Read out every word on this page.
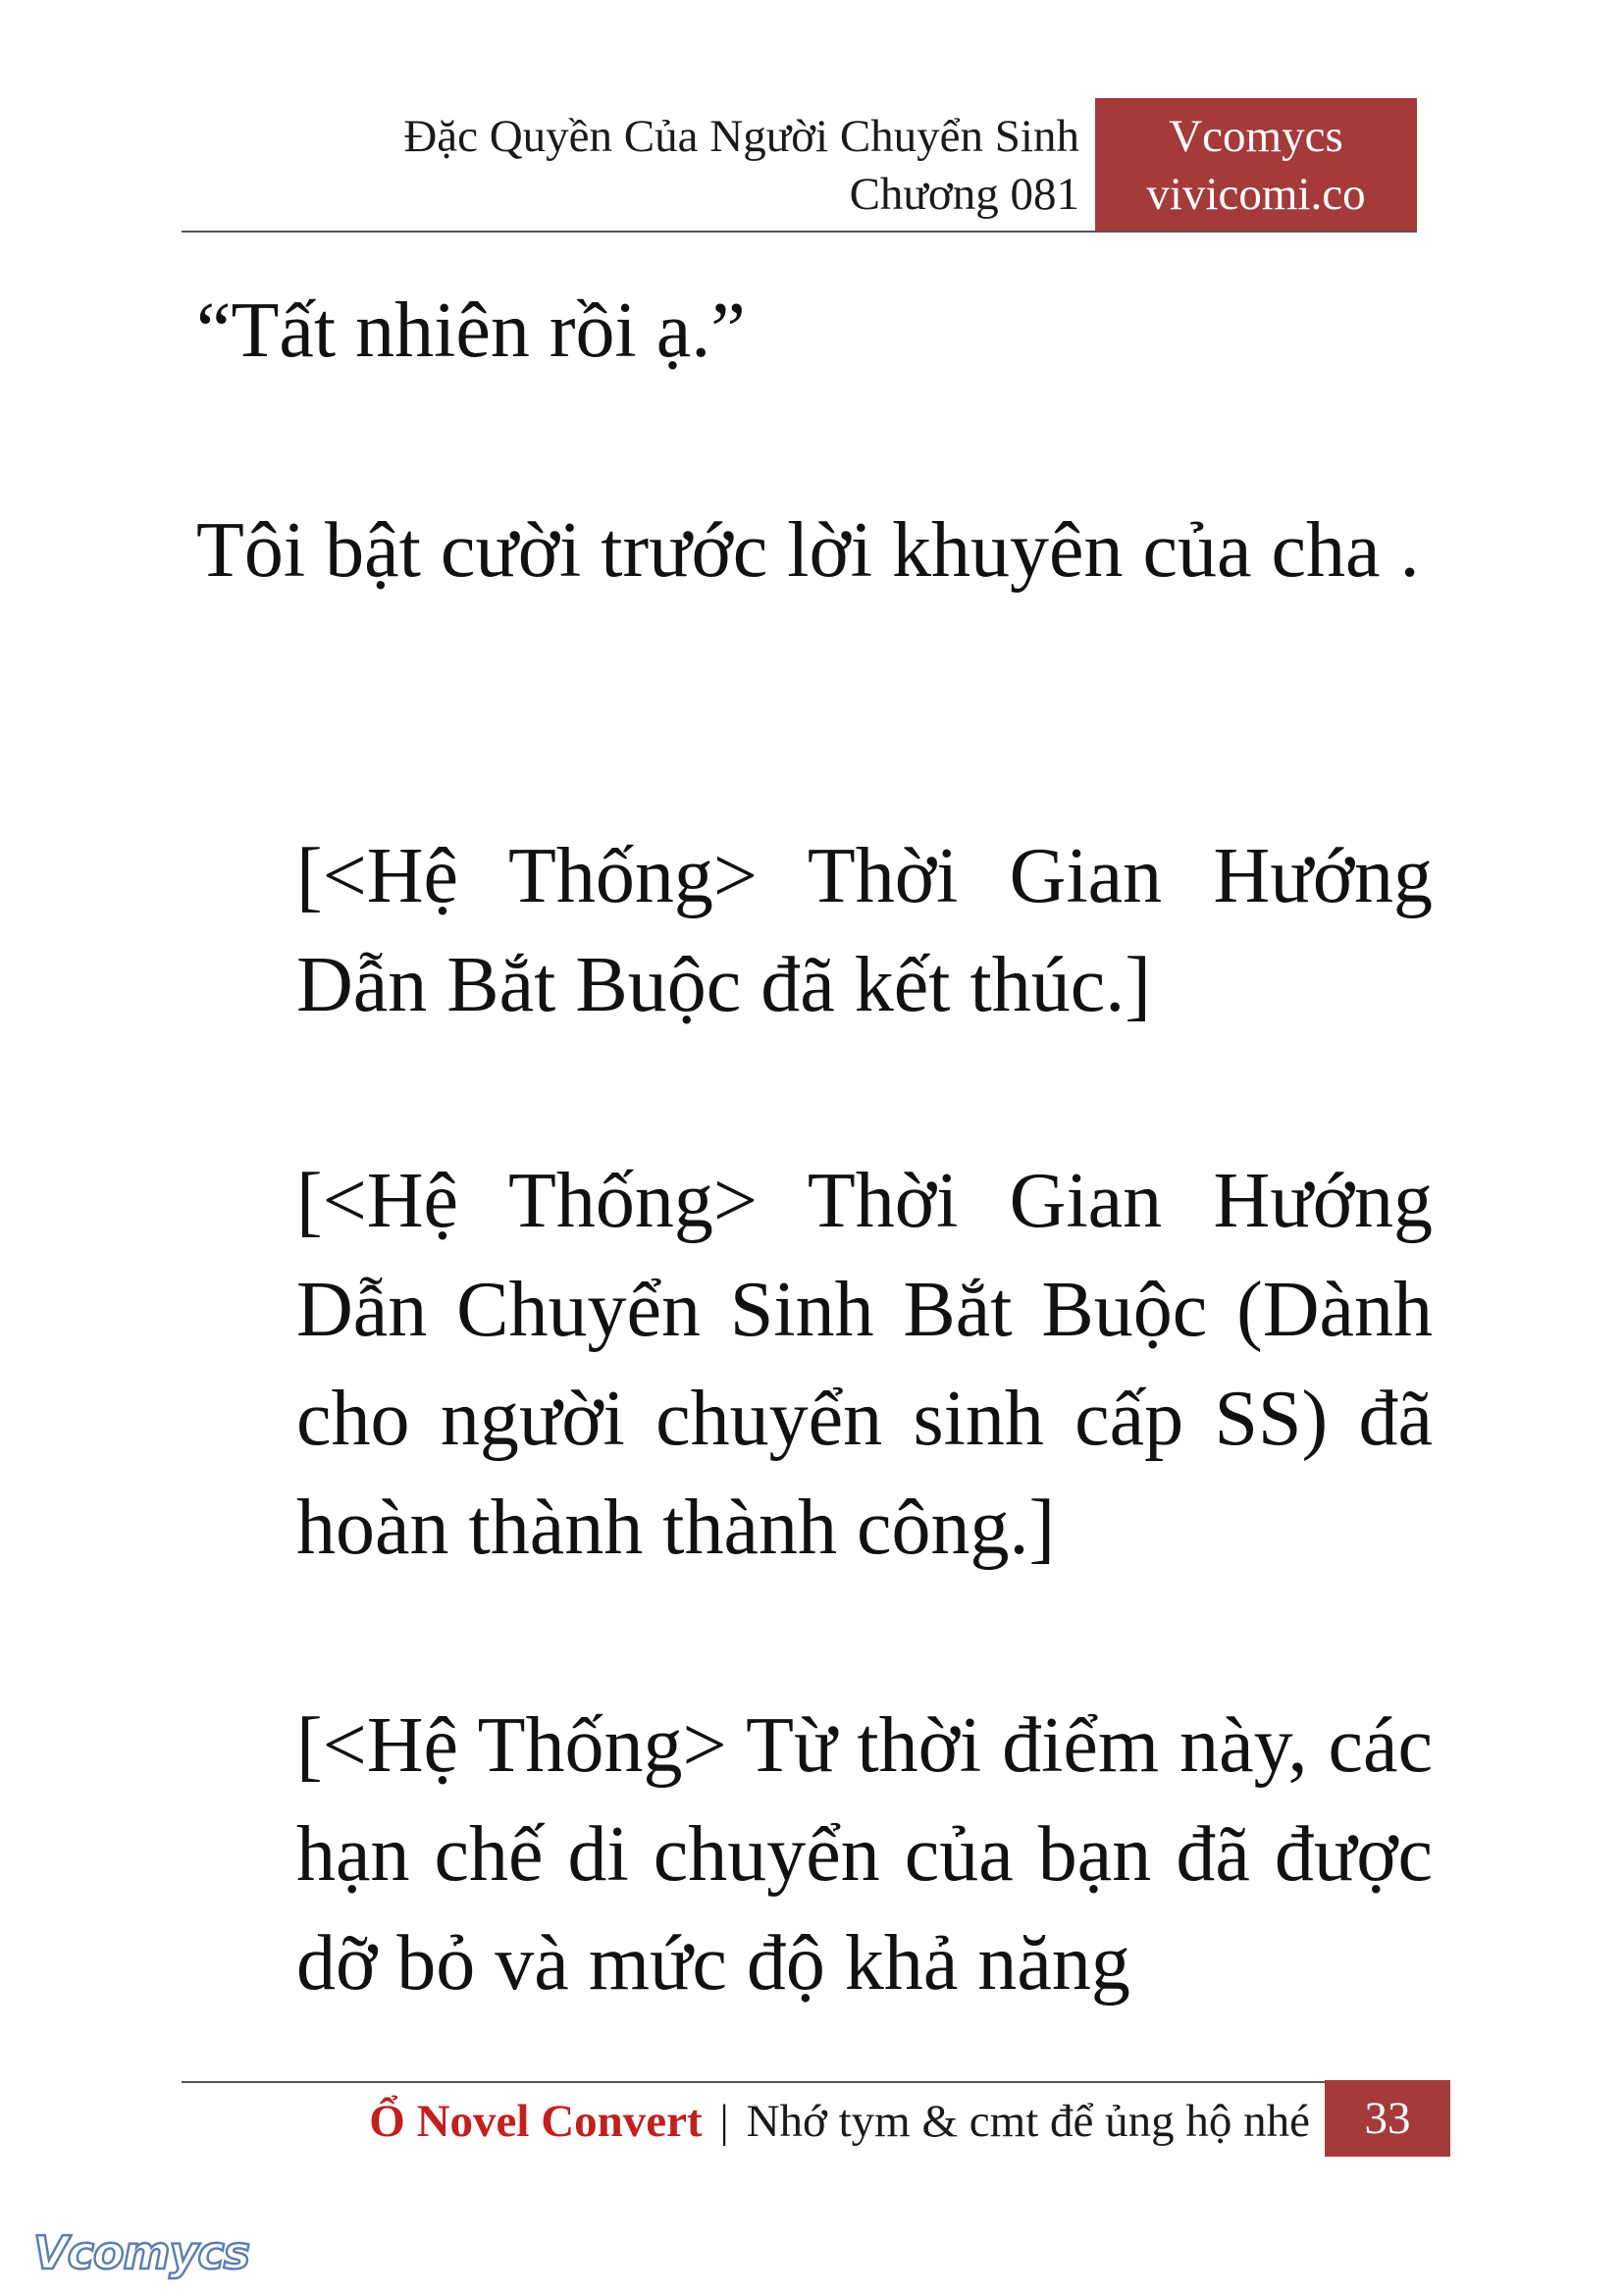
Đặc Quyền Của Người Chuyển Sinh
Chương 081
Vcomycs
vivicomi.co

“Tất nhiên rồi ạ.”

Tôi bật cười trước lời khuyên của cha .

[<Hệ Thống> Thời Gian Hướng Dẫn Bắt Buộc đã kết thúc.]

[<Hệ Thống> Thời Gian Hướng Dẫn Chuyển Sinh Bắt Buộc (Dành cho người chuyển sinh cấp SS) đã hoàn thành thành công.]

[<Hệ Thống> Từ thời điểm này, các hạn chế di chuyển của bạn đã được dỡ bỏ và mức độ khả năng

Ổ Novel Convert | Nhớ tym & cmt để ủng hộ nhé	33
Vcomycs
